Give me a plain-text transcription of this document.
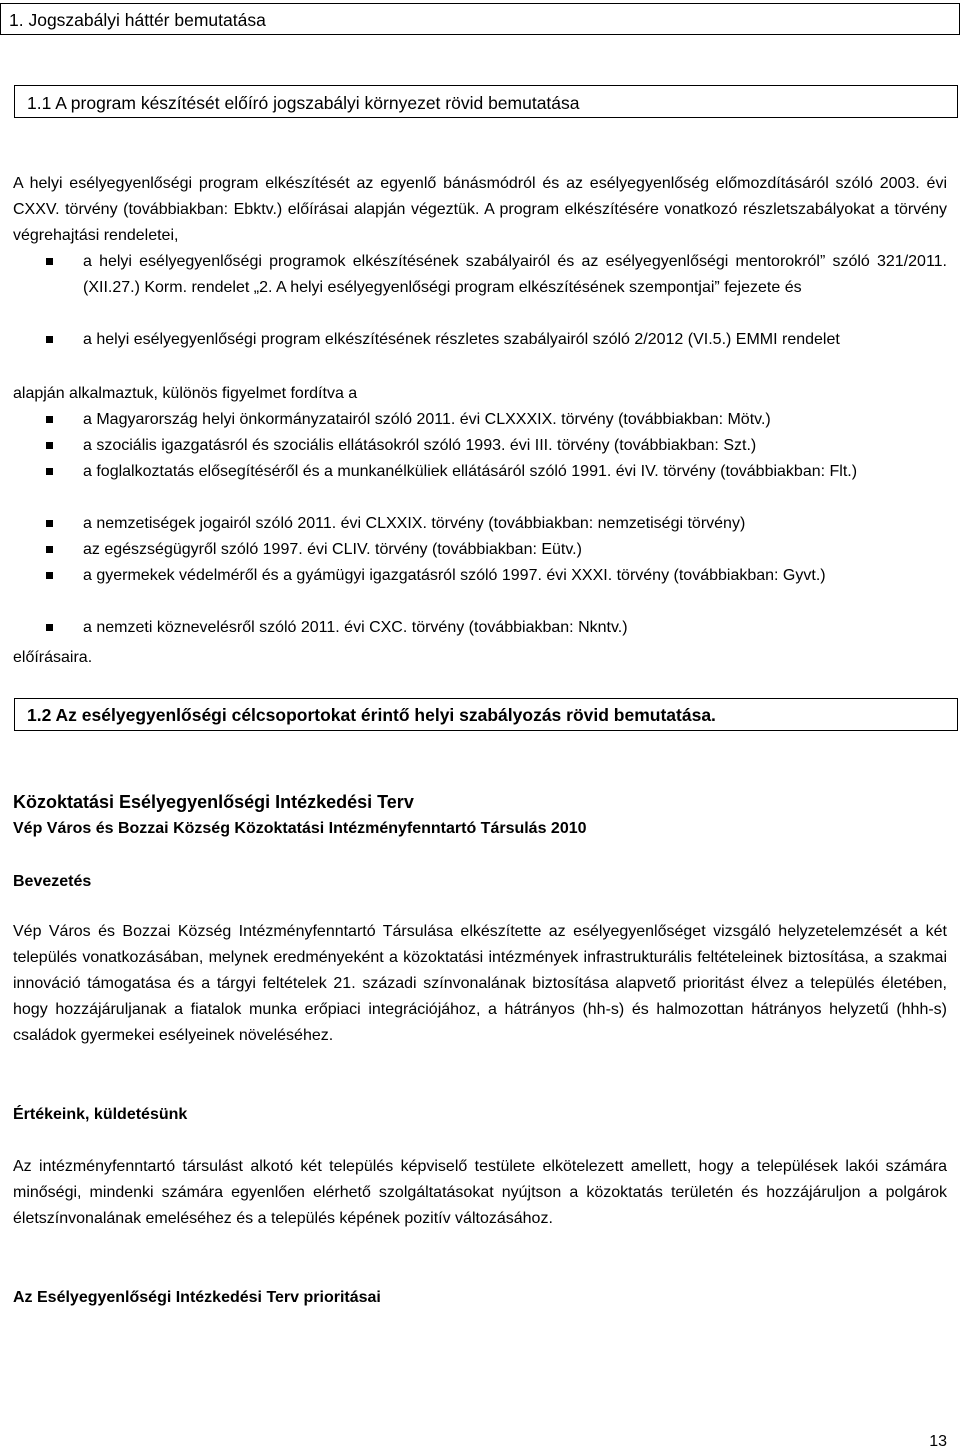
1. Jogszabályi háttér bemutatása
1.1 A program készítését előíró jogszabályi környezet rövid bemutatása
A helyi esélyegyenlőségi program elkészítését az egyenlő bánásmódról és az esélyegyenlőség előmozdításáról szóló 2003. évi CXXV. törvény (továbbiakban: Ebktv.) előírásai alapján végeztük. A program elkészítésére vonatkozó részletszabályokat a törvény végrehajtási rendeletei,
a helyi esélyegyenlőségi programok elkészítésének szabályairól és az esélyegyenlőségi mentorokról” szóló 321/2011. (XII.27.) Korm. rendelet „2. A helyi esélyegyenlőségi program elkészítésének szempontjai” fejezete és
a helyi esélyegyenlőségi program elkészítésének részletes szabályairól szóló 2/2012 (VI.5.) EMMI rendelet
alapján alkalmaztuk, különös figyelmet fordítva a
a Magyarország helyi önkormányzatairól szóló 2011. évi CLXXXIX. törvény (továbbiakban: Mötv.)
a szociális igazgatásról és szociális ellátásokról szóló 1993. évi III. törvény (továbbiakban: Szt.)
a foglalkoztatás elősegítéséről és a munkanélküliek ellátásáról szóló 1991. évi IV. törvény (továbbiakban: Flt.)
a nemzetiségek jogairól szóló 2011. évi CLXXIX. törvény (továbbiakban: nemzetiségi törvény)
az egészségügyről szóló 1997. évi CLIV. törvény (továbbiakban: Eütv.)
a gyermekek védelméről és a gyámügyi igazgatásról szóló 1997. évi XXXI. törvény (továbbiakban: Gyvt.)
a nemzeti köznevelésről szóló 2011. évi CXC. törvény (továbbiakban: Nkntv.)
előírásaira.
1.2 Az esélyegyenlőségi célcsoportokat érintő helyi szabályozás rövid bemutatása.
Közoktatási Esélyegyenlőségi Intézkedési Terv
Vép Város és Bozzai Község Közoktatási Intézményfenntartó Társulás 2010
Bevezetés
Vép Város és Bozzai Község Intézményfenntartó Társulása elkészítette az esélyegyenlőséget vizsgáló helyzetelemzését a két település vonatkozásában, melynek eredményeként a közoktatási intézmények infrastrukturális feltételeinek biztosítása, a szakmai innováció támogatása és a tárgyi feltételek 21. századi színvonalának biztosítása alapvető prioritást élvez a település életében, hogy hozzájáruljanak a fiatalok munka erőpiaci integrációjához, a hátrányos (hh-s) és halmozottan hátrányos helyzetű (hhh-s) családok gyermekei esélyeinek növeléséhez.
Értékeink, küldetésünk
Az intézményfenntartó társulást alkotó két település képviselő testülete elkötelezett amellett, hogy a települések lakói számára minőségi, mindenki számára egyenlően elérhető szolgáltatásokat nyújtson a közoktatás területén és hozzájáruljon a polgárok életszínvonalának emeléséhez és a település képének pozitív változásához.
Az Esélyegyenlőségi Intézkedési Terv prioritásai
13
